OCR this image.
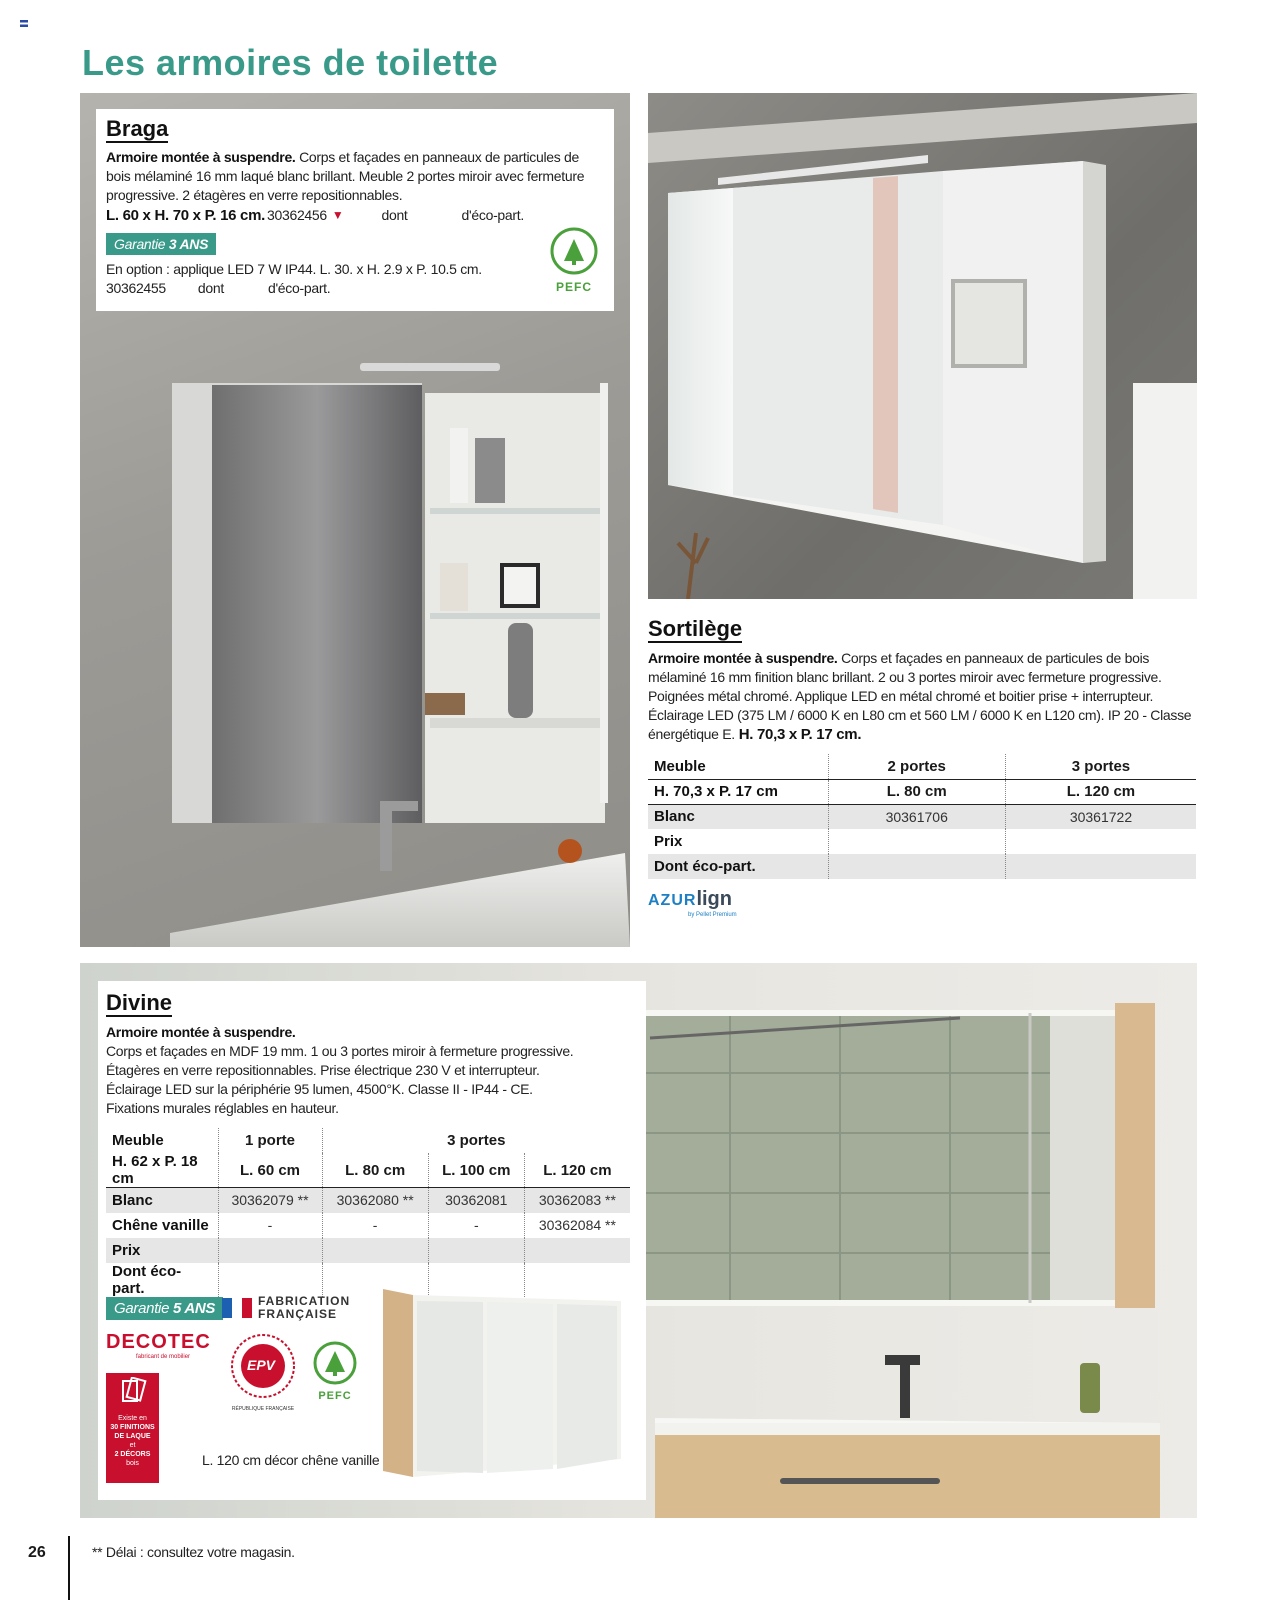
Les armoires de toilette
Braga
Armoire montée à suspendre. Corps et façades en panneaux de particules de bois mélaminé 16 mm laqué blanc brillant. Meuble 2 portes miroir avec fermeture progressive. 2 étagères en verre repositionnables.
L. 60 x H. 70 x P. 16 cm. 30362456 ▼	dont	d'éco-part.
Garantie 3 ANS
En option : applique LED 7 W IP44. L. 30. x H. 2.9 x P. 10.5 cm.
30362455 dont	d'éco-part.	PEFC
Sortilège
Armoire montée à suspendre. Corps et façades en panneaux de particules de bois mélaminé 16 mm finition blanc brillant. 2 ou 3 portes miroir avec fermeture progressive. Poignées métal chromé. Applique LED en métal chromé et boitier prise + interrupteur. Éclairage LED (375 LM / 6000 K en L80 cm et 560 LM / 6000 K en L120 cm). IP 20 - Classe énergétique E. H. 70,3 x P. 17 cm.
Meuble	2 portes	3 portes
H. 70,3 x P. 17 cm	L. 80 cm	L. 120 cm
Blanc	30361706	30361722
Prix		
Dont éco-part.		
AZURlign
by Pellet Premium
Divine
Armoire montée à suspendre.
Corps et façades en MDF 19 mm. 1 ou 3 portes miroir à fermeture progressive. Étagères en verre repositionnables. Prise électrique 230 V et interrupteur. Éclairage LED sur la périphérie 95 lumen, 4500°K. Classe II - IP44 - CE. Fixations murales réglables en hauteur.
Meuble	1 porte	3 portes		
H. 62 x P. 18 cm	L. 60 cm	L. 80 cm	L. 100 cm	L. 120 cm
Blanc	30362079 **	30362080 **	30362081	30362083 **
Chêne vanille	-	-	-	30362084 **
Prix				
Dont éco-part.				
Garantie 5 ANS	FABRICATION
FRANÇAISE
DECOTEC
fabricant de mobilier
Existe en
30 FINITIONS
DE LAQUE
et
2 DÉCORS
bois
EPV
RÉPUBLIQUE FRANÇAISE
PEFC
L. 120 cm décor chêne vanille
26	** Délai : consultez votre magasin.
